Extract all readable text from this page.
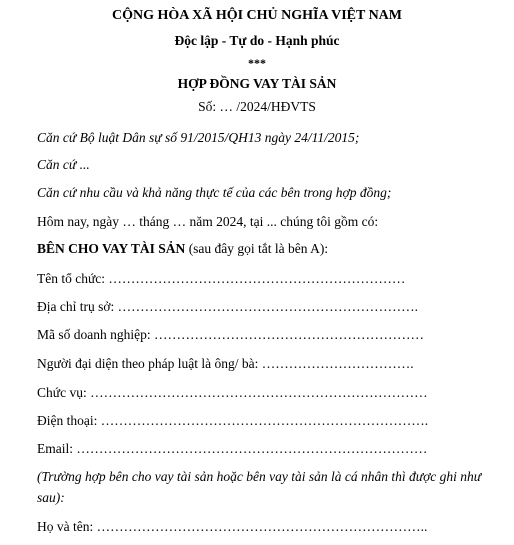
CỘNG HÒA XÃ HỘI CHỦ NGHĨA VIỆT NAM
Độc lập - Tự do - Hạnh phúc
***
HỢP ĐỒNG VAY TÀI SẢN
Số: … /2024/HĐVTS
Căn cứ Bộ luật Dân sự số 91/2015/QH13 ngày 24/11/2015;
Căn cứ ...
Căn cứ nhu cầu và khả năng thực tế của các bên trong hợp đồng;
Hôm nay, ngày … tháng … năm 2024, tại ... chúng tôi gồm có:
BÊN CHO VAY TÀI SẢN (sau đây gọi tắt là bên A):
Tên tổ chức: …………………………………………………………
Địa chỉ trụ sở: ………………………………………………………….
Mã số doanh nghiệp: ……………………………………………………
Người đại diện theo pháp luật là ông/ bà: …………………………….
Chức vụ: …………………………………………………………………
Điện thoại: ……………………………………………………………….
Email: ……………………………………………………………………
(Trường hợp bên cho vay tài sản hoặc bên vay tài sản là cá nhân thì được ghi như
sau):
Họ và tên: ………………………………………………………………..
